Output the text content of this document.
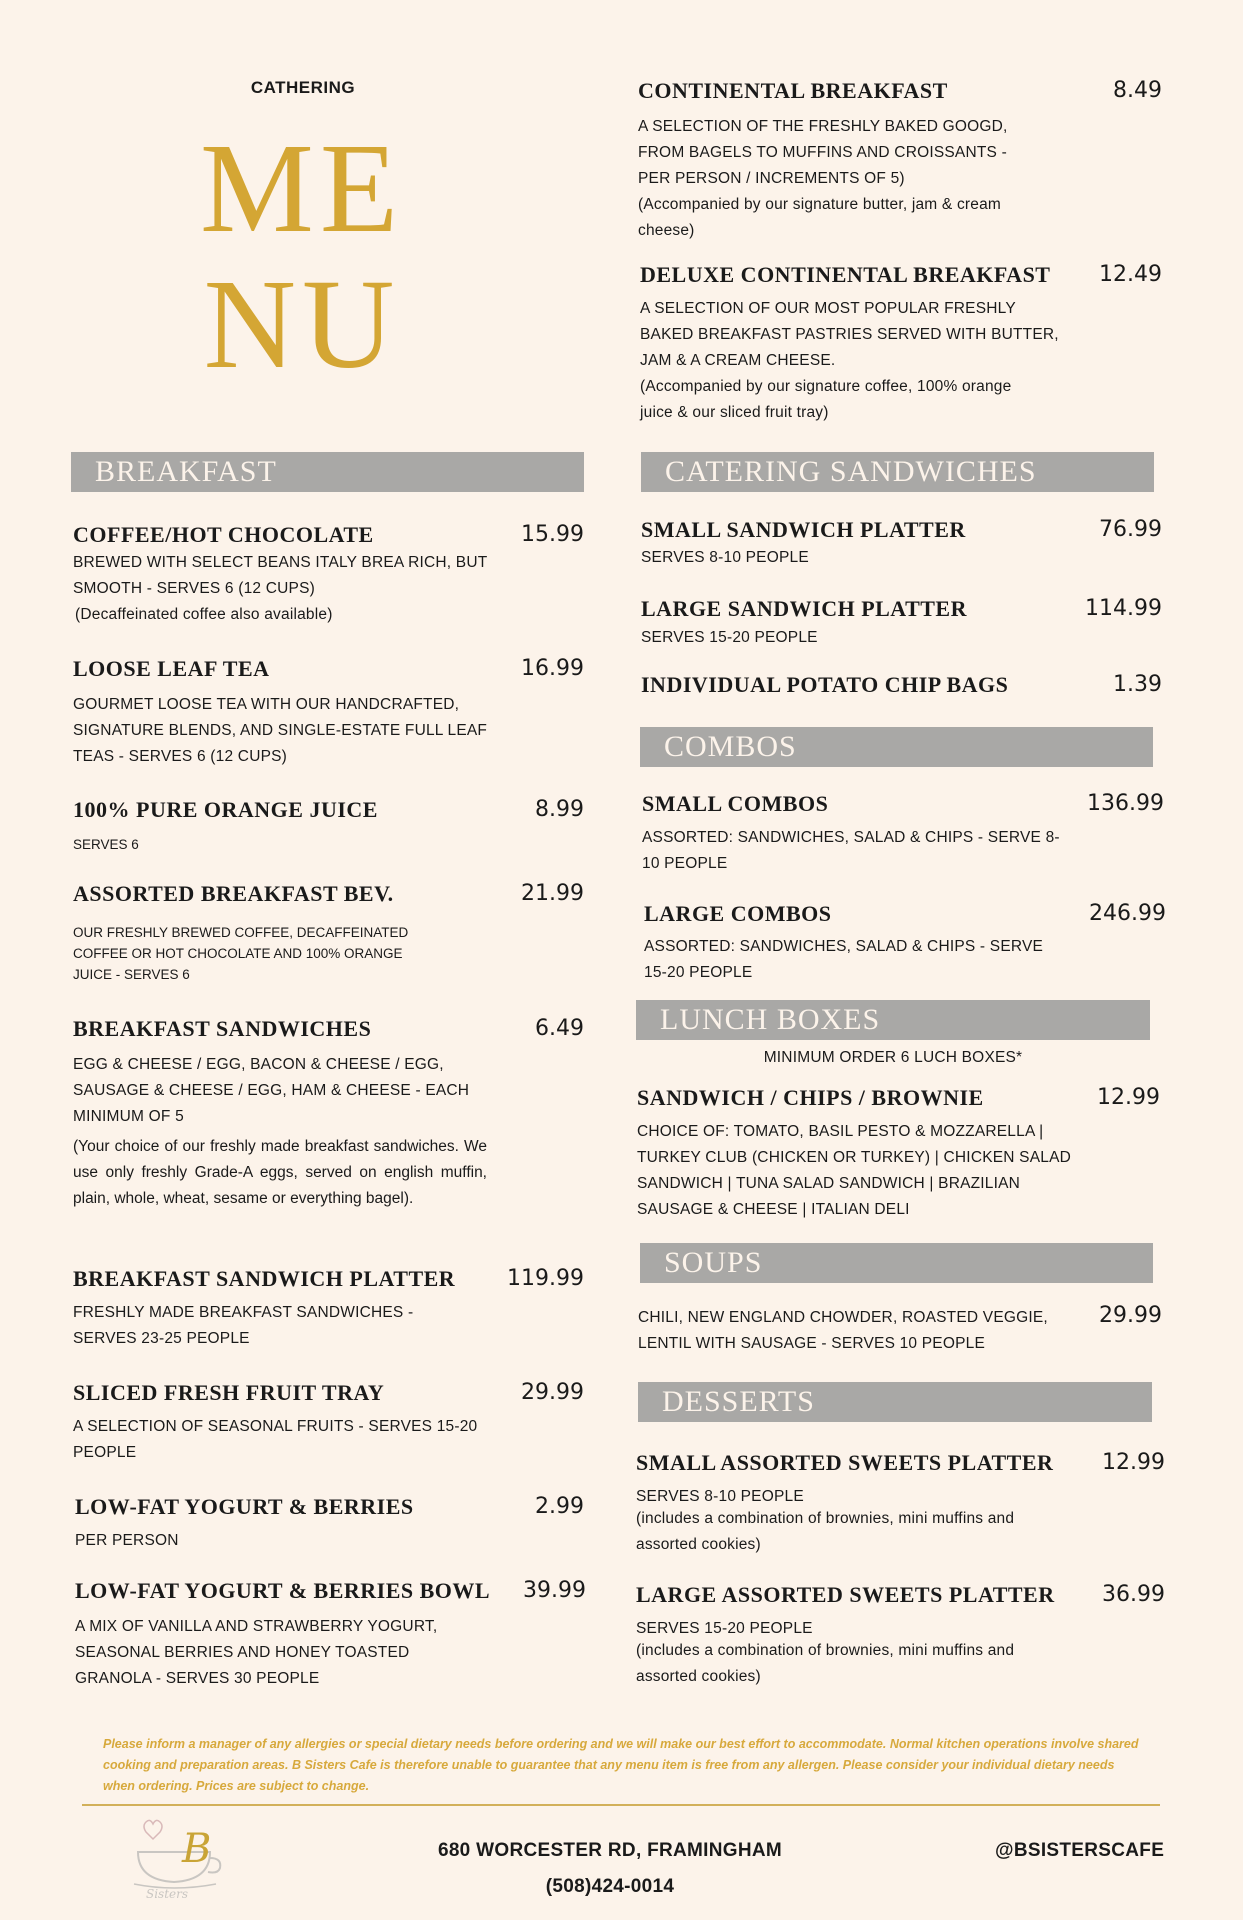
CATHERING
ME
NU
CONTINENTAL BREAKFAST	8.49
A SELECTION OF THE FRESHLY BAKED GOOGD, FROM BAGELS TO MUFFINS AND CROISSANTS - PER PERSON / INCREMENTS OF 5)
(Accompanied by our signature butter, jam & cream cheese)
DELUXE CONTINENTAL BREAKFAST	12.49
A SELECTION OF OUR MOST POPULAR FRESHLY BAKED BREAKFAST PASTRIES SERVED WITH BUTTER, JAM & A CREAM CHEESE.
(Accompanied by our signature coffee, 100% orange juice & our sliced fruit tray)
BREAKFAST
COFFEE/HOT CHOCOLATE	15.99
BREWED WITH SELECT BEANS ITALY BREA RICH, BUT SMOOTH - SERVES 6 (12 CUPS)
(Decaffeinated coffee also available)
LOOSE LEAF TEA	16.99
GOURMET LOOSE TEA WITH OUR HANDCRAFTED, SIGNATURE BLENDS, AND SINGLE-ESTATE FULL LEAF TEAS - SERVES 6 (12 CUPS)
100% PURE ORANGE JUICE	8.99
SERVES 6
ASSORTED BREAKFAST BEV.	21.99
OUR FRESHLY BREWED COFFEE, DECAFFEINATED COFFEE OR HOT CHOCOLATE AND 100% ORANGE JUICE - SERVES 6
BREAKFAST SANDWICHES	6.49
EGG & CHEESE / EGG, BACON & CHEESE / EGG, SAUSAGE & CHEESE / EGG, HAM & CHEESE - EACH MINIMUM OF 5
(Your choice of our freshly made breakfast sandwiches. We use only freshly Grade-A eggs, served on english muffin, plain, whole, wheat, sesame or everything bagel).
BREAKFAST SANDWICH PLATTER	119.99
FRESHLY MADE BREAKFAST SANDWICHES - SERVES 23-25 PEOPLE
SLICED FRESH FRUIT TRAY	29.99
A SELECTION OF SEASONAL FRUITS - SERVES 15-20 PEOPLE
LOW-FAT YOGURT & BERRIES	2.99
PER PERSON
LOW-FAT YOGURT & BERRIES BOWL	39.99
A MIX OF VANILLA AND STRAWBERRY YOGURT, SEASONAL BERRIES AND HONEY TOASTED GRANOLA - SERVES 30 PEOPLE
CATERING SANDWICHES
SMALL SANDWICH PLATTER	76.99
SERVES 8-10 PEOPLE
LARGE SANDWICH PLATTER	114.99
SERVES 15-20 PEOPLE
INDIVIDUAL POTATO CHIP BAGS	1.39
COMBOS
SMALL COMBOS	136.99
ASSORTED: SANDWICHES, SALAD & CHIPS - SERVE 8-10 PEOPLE
LARGE COMBOS	246.99
ASSORTED: SANDWICHES, SALAD & CHIPS - SERVE 15-20 PEOPLE
LUNCH BOXES
MINIMUM ORDER 6 LUCH BOXES*
SANDWICH / CHIPS / BROWNIE	12.99
CHOICE OF: TOMATO, BASIL PESTO & MOZZARELLA | TURKEY CLUB (CHICKEN OR TURKEY) | CHICKEN SALAD SANDWICH | TUNA SALAD SANDWICH | BRAZILIAN SAUSAGE & CHEESE | ITALIAN DELI
SOUPS
CHILI, NEW ENGLAND CHOWDER, ROASTED VEGGIE, LENTIL WITH SAUSAGE - SERVES 10 PEOPLE
29.99
DESSERTS
SMALL ASSORTED SWEETS PLATTER	12.99
SERVES 8-10 PEOPLE
(includes a combination of brownies, mini muffins and assorted cookies)
LARGE ASSORTED SWEETS PLATTER	36.99
SERVES 15-20 PEOPLE
(includes a combination of brownies, mini muffins and assorted cookies)
Please inform a manager of any allergies or special dietary needs before ordering and we will make our best effort to accommodate. Normal kitchen operations involve shared cooking and preparation areas. B Sisters Cafe is therefore unable to guarantee that any menu item is free from any allergen. Please consider your individual dietary needs when ordering. Prices are subject to change.
B
Sisters
680 WORCESTER RD, FRAMINGHAM
(508)424-0014
@BSISTERSCAFE
